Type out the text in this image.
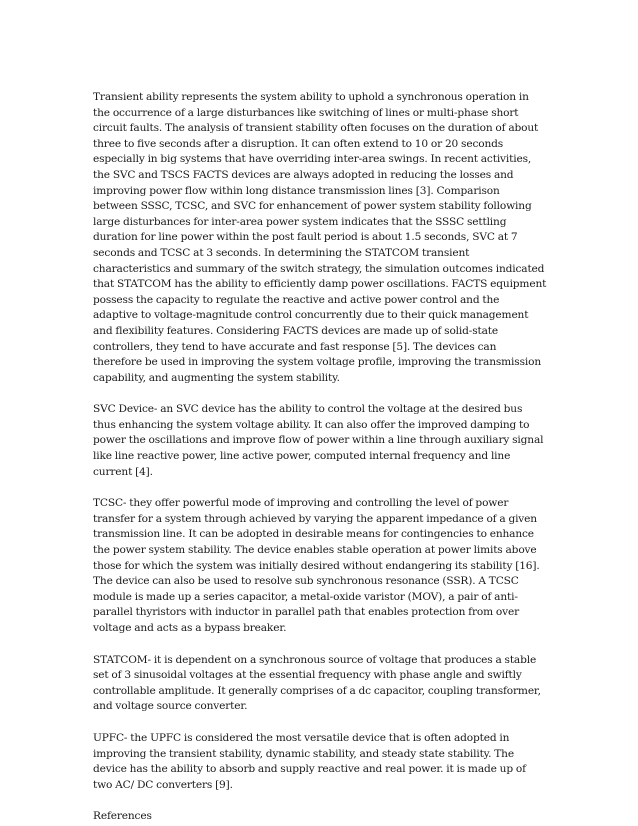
Transient ability represents the system ability to uphold a synchronous operation in the occurrence of a large disturbances like switching of lines or multi-phase short circuit faults. The analysis of transient stability often focuses on the duration of about three to five seconds after a disruption. It can often extend to 10 or 20 seconds especially in big systems that have overriding inter-area swings. In recent activities, the SVC and TSCS FACTS devices are always adopted in reducing the losses and improving power flow within long distance transmission lines [3]. Comparison between SSSC, TCSC, and SVC for enhancement of power system stability following large disturbances for inter-area power system indicates that the SSSC settling duration for line power within the post fault period is about 1.5 seconds, SVC at 7 seconds and TCSC at 3 seconds. In determining the STATCOM transient characteristics and summary of the switch strategy, the simulation outcomes indicated that STATCOM has the ability to efficiently damp power oscillations. FACTS equipment possess the capacity to regulate the reactive and active power control and the adaptive to voltage-magnitude control concurrently due to their quick management and flexibility features. Considering FACTS devices are made up of solid-state controllers, they tend to have accurate and fast response [5]. The devices can therefore be used in improving the system voltage profile, improving the transmission capability, and augmenting the system stability.

SVC Device- an SVC device has the ability to control the voltage at the desired bus thus enhancing the system voltage ability. It can also offer the improved damping to power the oscillations and improve flow of power within a line through auxiliary signal like line reactive power, line active power, computed internal frequency and line current [4].

TCSC- they offer powerful mode of improving and controlling the level of power transfer for a system through achieved by varying the apparent impedance of a given transmission line. It can be adopted in desirable means for contingencies to enhance the power system stability. The device enables stable operation at power limits above those for which the system was initially desired without endangering its stability [16]. The device can also be used to resolve sub synchronous resonance (SSR). A TCSC module is made up a series capacitor, a metal-oxide varistor (MOV), a pair of anti-parallel thyristors with inductor in parallel path that enables protection from over voltage and acts as a bypass breaker.

STATCOM- it is dependent on a synchronous source of voltage that produces a stable set of 3 sinusoidal voltages at the essential frequency with phase angle and swiftly controllable amplitude. It generally comprises of a dc capacitor, coupling transformer, and voltage source converter.

UPFC- the UPFC is considered the most versatile device that is often adopted in improving the transient stability, dynamic stability, and steady state stability. The device has the ability to absorb and supply reactive and real power. it is made up of two AC/ DC converters [9].

References
